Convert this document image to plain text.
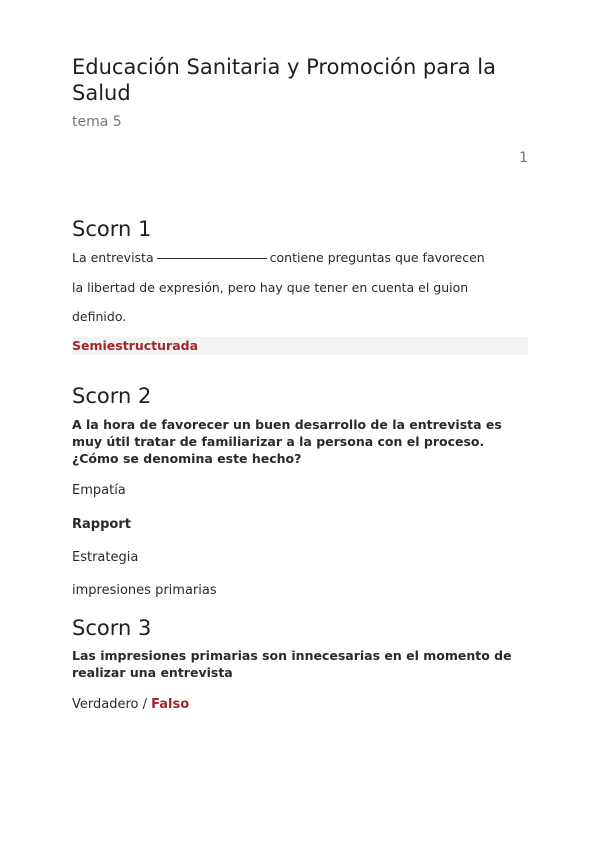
Educación Sanitaria y Promoción para la Salud
tema 5
1
Scorn 1
La entrevista	contiene preguntas que favorecen
la libertad de expresión, pero hay que tener en cuenta el guion
definido.
Semiestructurada
Scorn 2
A la hora de favorecer un buen desarrollo de la entrevista es muy útil tratar de familiarizar a la persona con el proceso. ¿Cómo se denomina este hecho?
Empatía
Rapport
Estrategia
impresiones primarias
Scorn 3
Las impresiones primarias son innecesarias en el momento de realizar una entrevista
Verdadero / Falso
